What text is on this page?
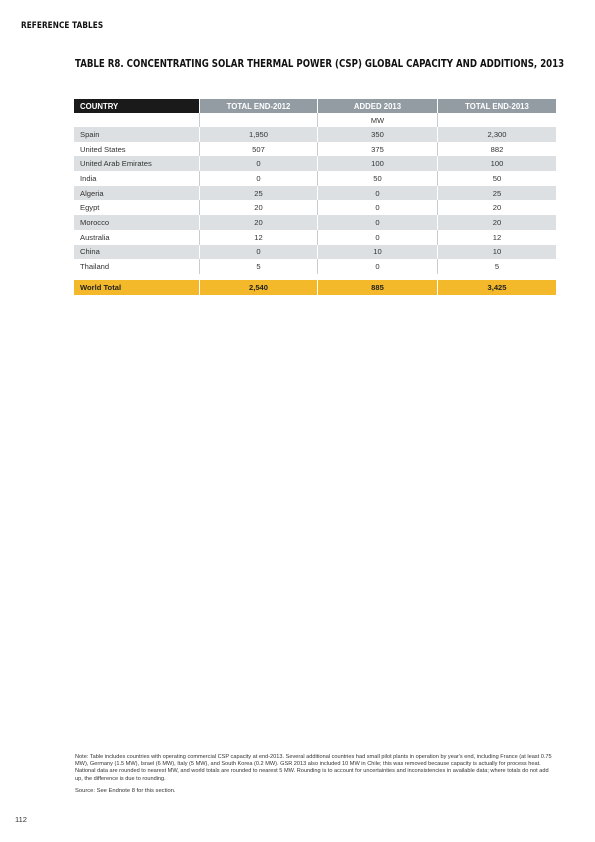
REFERENCE TABLES
TABLE R8. CONCENTRATING SOLAR THERMAL POWER (CSP) GLOBAL CAPACITY AND ADDITIONS, 2013
COUNTRY	TOTAL END-2012	ADDED 2013	TOTAL END-2013
		MW	
Spain	1,950	350	2,300
United States	507	375	882
United Arab Emirates	0	100	100
India	0	50	50
Algeria	25	0	25
Egypt	20	0	20
Morocco	20	0	20
Australia	12	0	12
China	0	10	10
Thailand	5	0	5

World Total	2,540	885	3,425
Note: Table includes countries with operating commercial CSP capacity at end-2013. Several additional countries had small pilot plants in operation by year's end, including France (at least 0.75 MW), Germany (1.5 MW), Israel (6 MW), Italy (5 MW), and South Korea (0.2 MW). GSR 2013 also included 10 MW in Chile; this was removed because capacity is actually for process heat. National data are rounded to nearest MW, and world totals are rounded to nearest 5 MW. Rounding is to account for uncertainties and inconsistencies in available data; where totals do not add up, the difference is due to rounding.
Source: See Endnote 8 for this section.
112
